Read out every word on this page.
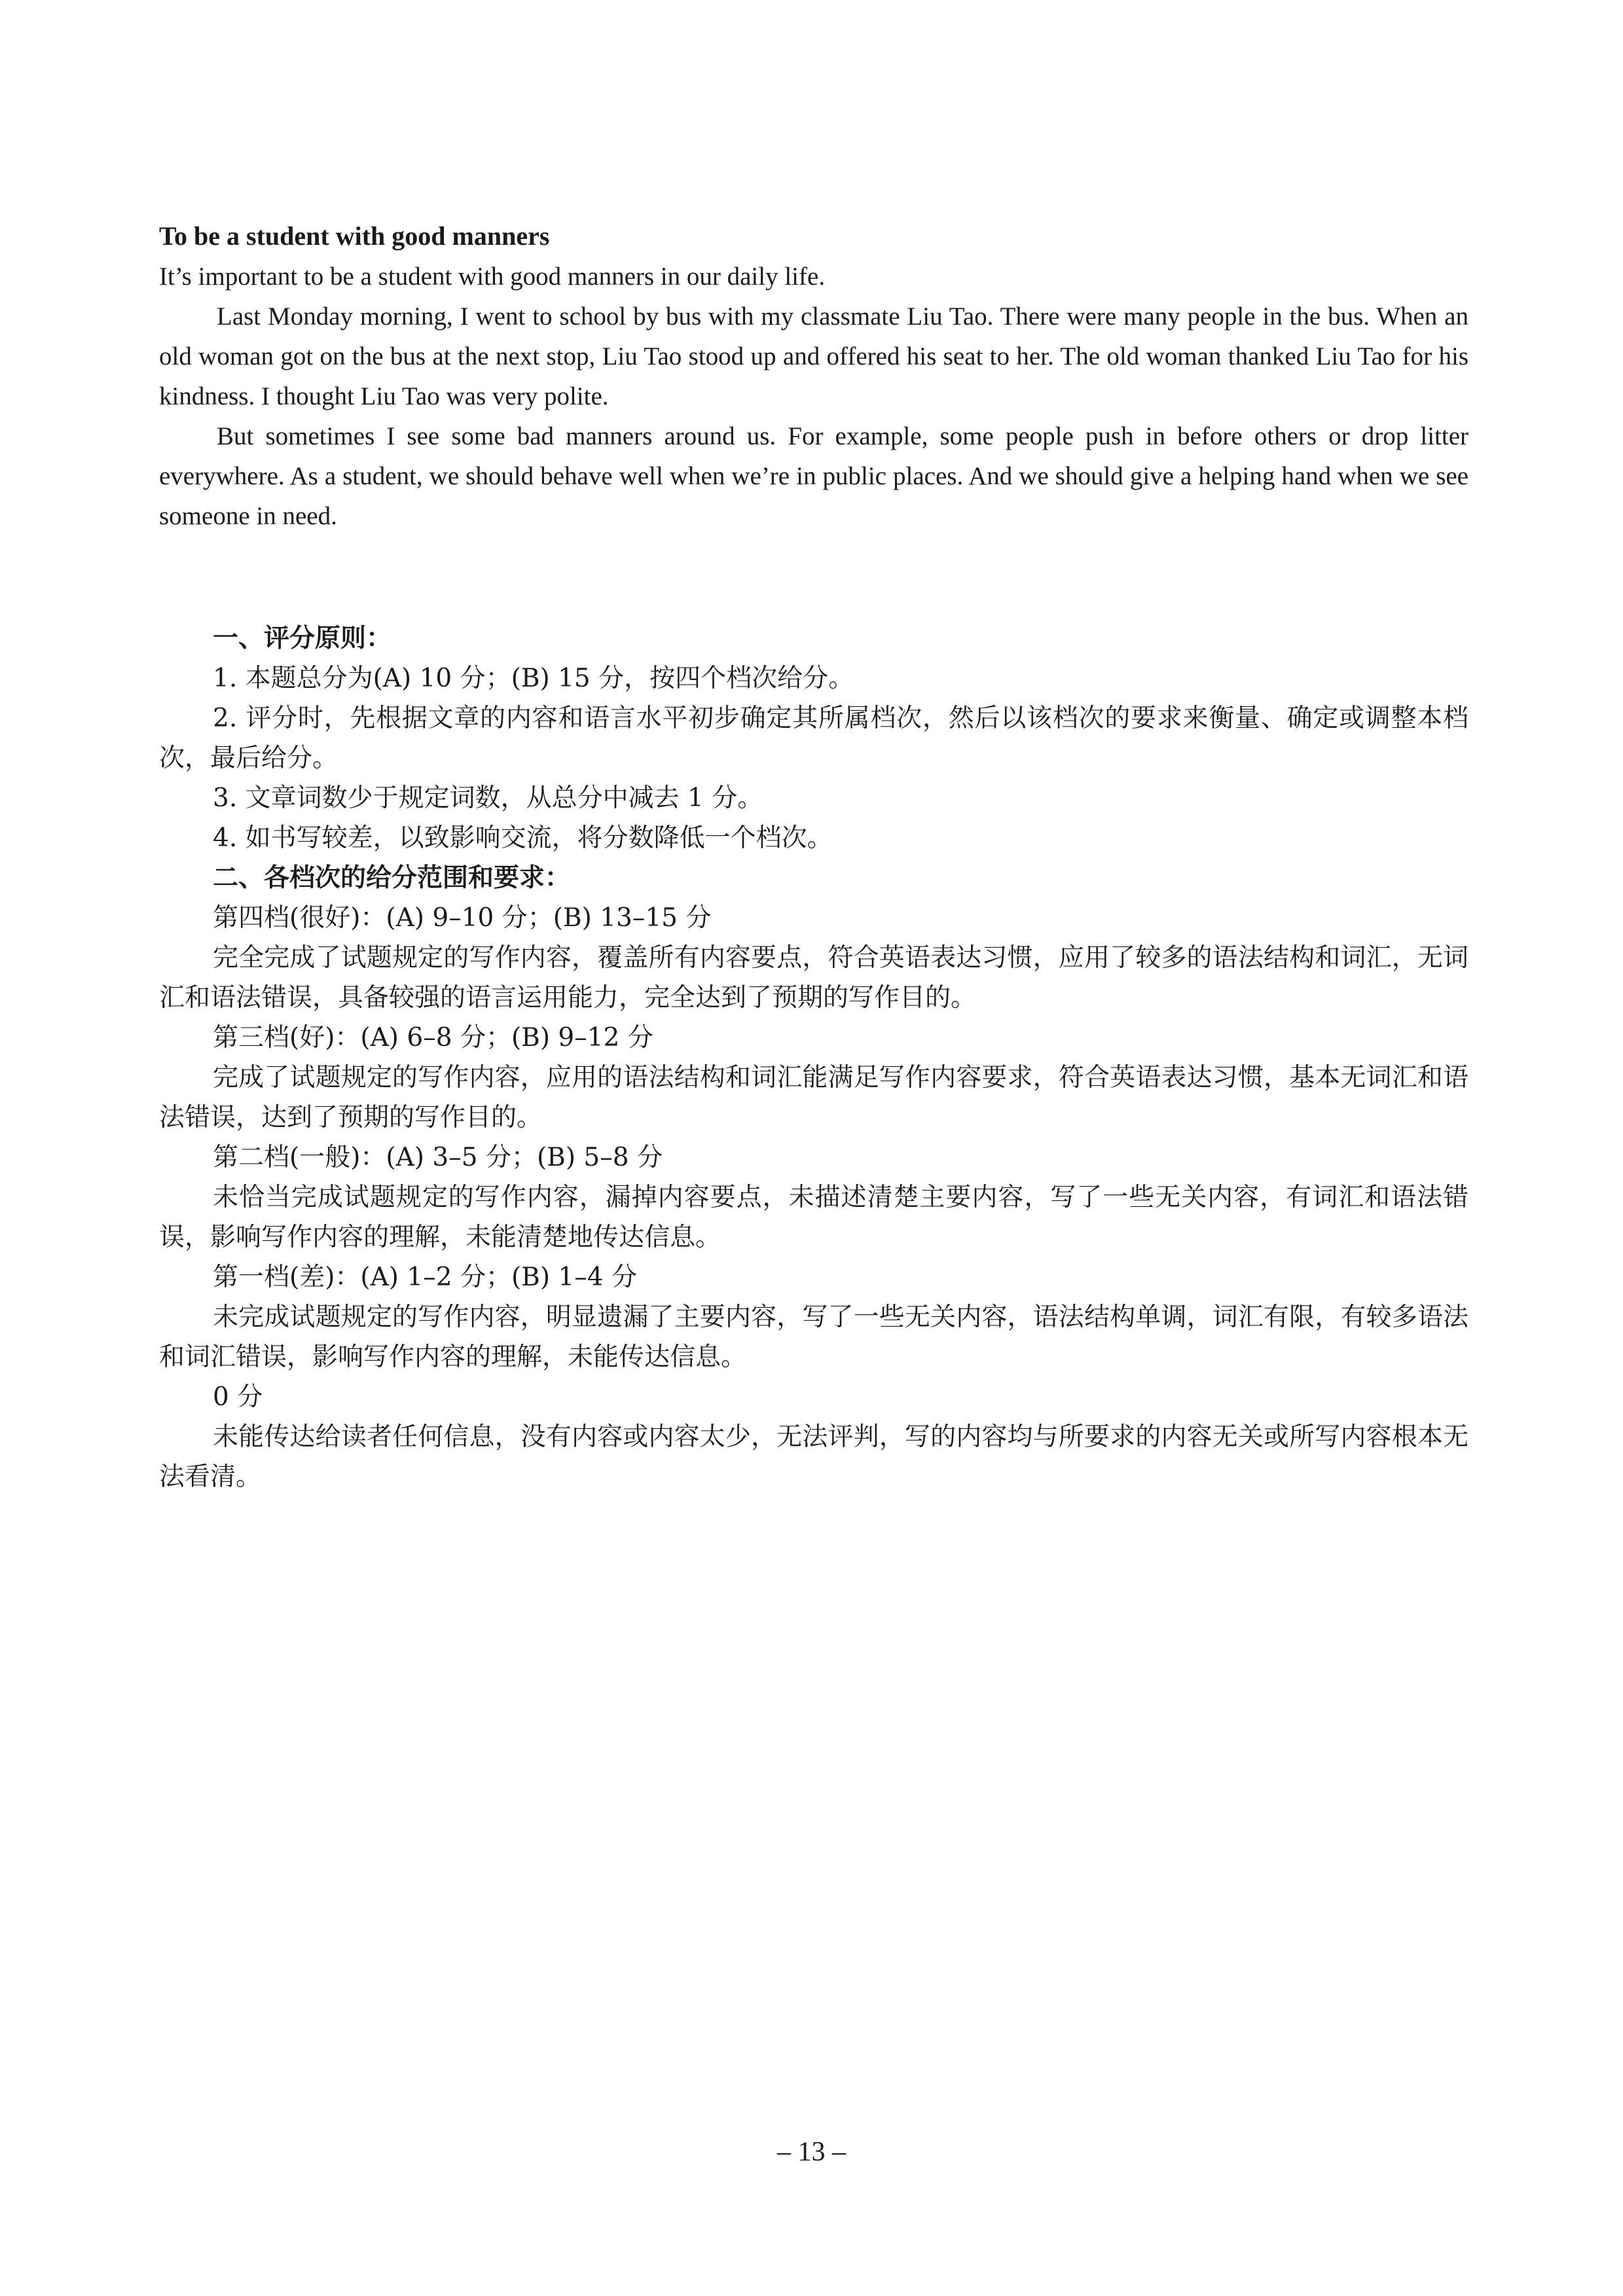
To be a student with good manners

It’s important to be a student with good manners in our daily life.

Last Monday morning, I went to school by bus with my classmate Liu Tao. There were many people in the bus. When an old woman got on the bus at the next stop, Liu Tao stood up and offered his seat to her. The old woman thanked Liu Tao for his kindness. I thought Liu Tao was very polite.

But sometimes I see some bad manners around us. For example, some people push in before others or drop litter everywhere. As a student, we should behave well when we’re in public places. And we should give a helping hand when we see someone in need.

一、评分原则：

1. 本题总分为(A) 10 分；(B) 15 分，按四个档次给分。

2. 评分时，先根据文章的内容和语言水平初步确定其所属档次，然后以该档次的要求来衡量、确定或调整本档次，最后给分。

3. 文章词数少于规定词数，从总分中减去 1 分。

4. 如书写较差，以致影响交流，将分数降低一个档次。

二、各档次的给分范围和要求：

第四档(很好)：(A) 9–10 分；(B) 13–15 分

完全完成了试题规定的写作内容，覆盖所有内容要点，符合英语表达习惯，应用了较多的语法结构和词汇，无词汇和语法错误，具备较强的语言运用能力，完全达到了预期的写作目的。

第三档(好)：(A) 6–8 分；(B) 9–12 分

完成了试题规定的写作内容，应用的语法结构和词汇能满足写作内容要求，符合英语表达习惯，基本无词汇和语法错误，达到了预期的写作目的。

第二档(一般)：(A) 3–5 分；(B) 5–8 分

未恰当完成试题规定的写作内容，漏掉内容要点，未描述清楚主要内容，写了一些无关内容，有词汇和语法错误，影响写作内容的理解，未能清楚地传达信息。

第一档(差)：(A) 1–2 分；(B) 1–4 分

未完成试题规定的写作内容，明显遗漏了主要内容，写了一些无关内容，语法结构单调，词汇有限，有较多语法和词汇错误，影响写作内容的理解，未能传达信息。

0 分

未能传达给读者任何信息，没有内容或内容太少，无法评判，写的内容均与所要求的内容无关或所写内容根本无法看清。

– 13 –
